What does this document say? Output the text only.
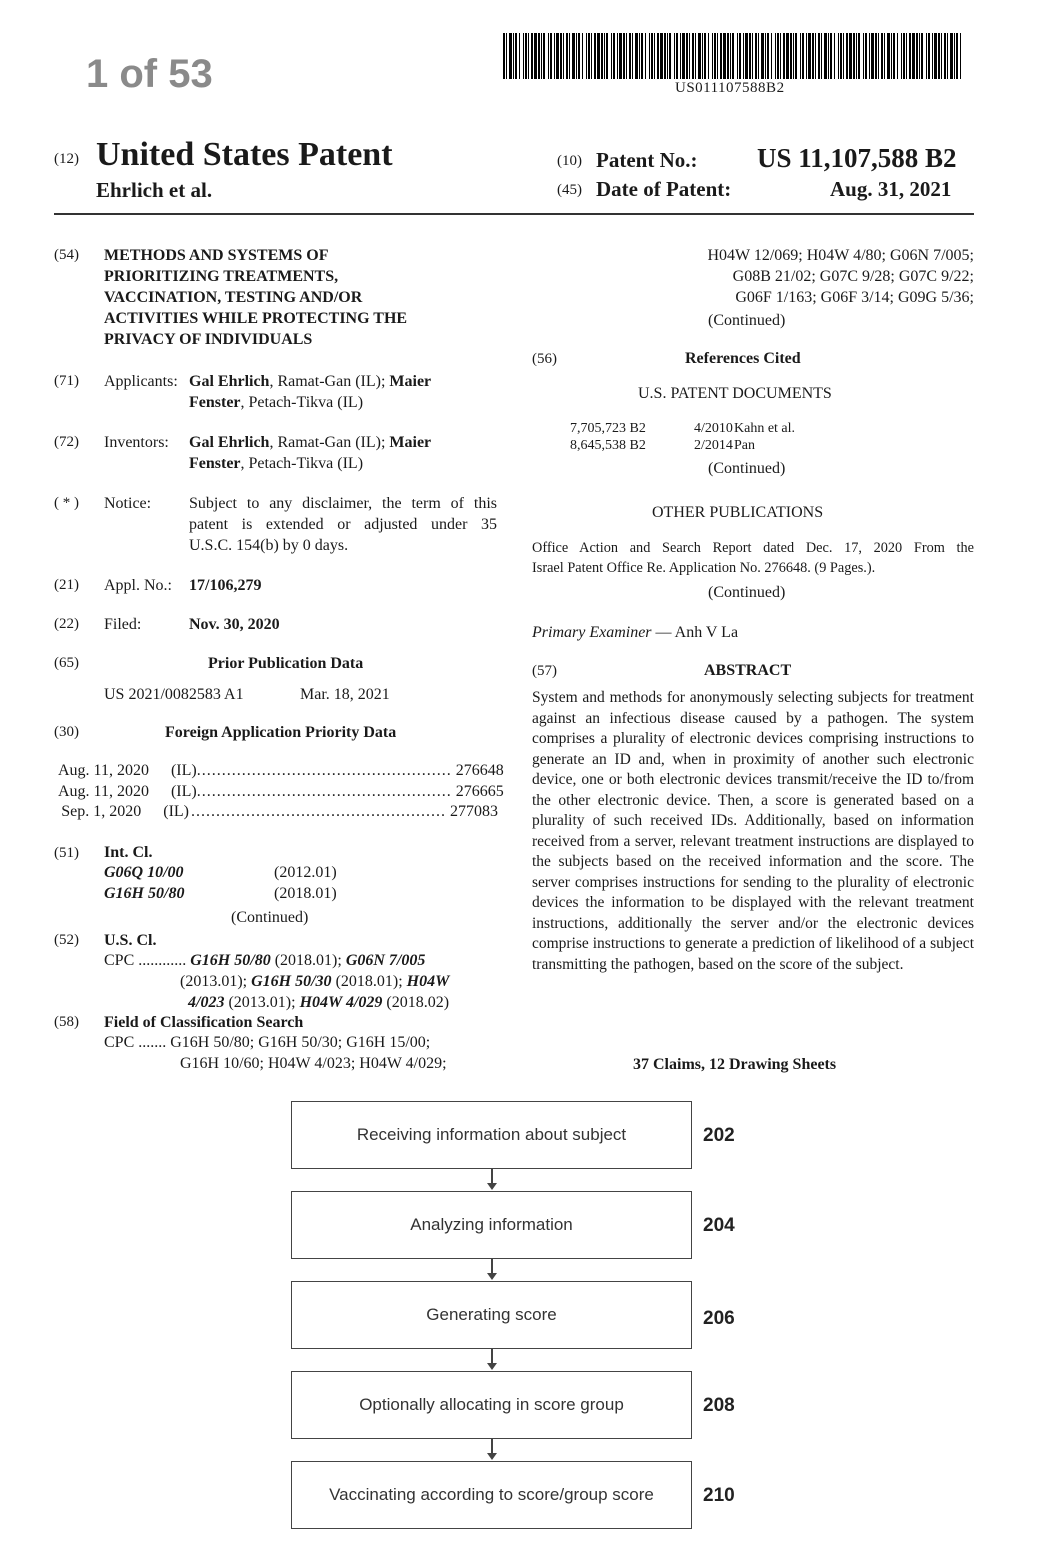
1 of 53	US011107588B2
(12) United States Patent
Ehrlich et al.
(10) Patent No.: US 11,107,588 B2
(45) Date of Patent:	Aug. 31, 2021
(54) METHODS AND SYSTEMS OF
PRIORITIZING TREATMENTS,
VACCINATION, TESTING AND/OR
ACTIVITIES WHILE PROTECTING THE
PRIVACY OF INDIVIDUALS
(71) Applicants: Gal Ehrlich, Ramat-Gan (IL); Maier
Fenster, Petach-Tikva (IL)
(72) Inventors: Gal Ehrlich, Ramat-Gan (IL); Maier
Fenster, Petach-Tikva (IL)
( * ) Notice: Subject to any disclaimer, the term of this
patent is extended or adjusted under 35
U.S.C. 154(b) by 0 days.
(21) Appl. No.: 17/106,279
(22) Filed:	Nov. 30, 2020
(65)	Prior Publication Data
US 2021/0082583 A1	Mar. 18, 2021
(30)	Foreign Application Priority Data
Aug. 11, 2020 (IL) ................................................... 276648
Aug. 11, 2020 (IL) ................................................... 276665
Sep. 1, 2020 (IL) ................................................... 277083
(51) Int. Cl.
G06Q 10/00	(2012.01)
G16H 50/80	(2018.01)
(Continued)
(52) U.S. Cl.
CPC ............ G16H 50/80 (2018.01); G06N 7/005
(2013.01); G16H 50/30 (2018.01); H04W
4/023 (2013.01); H04W 4/029 (2018.02)
(58) Field of Classification Search
CPC ....... G16H 50/80; G16H 50/30; G16H 15/00;
G16H 10/60; H04W 4/023; H04W 4/029;
H04W 12/069; H04W 4/80; G06N 7/005;
G08B 21/02; G07C 9/28; G07C 9/22;
G06F 1/163; G06F 3/14; G09G 5/36;
(Continued)
(56)	References Cited
U.S. PATENT DOCUMENTS
7,705,723 B2	4/2010Kahn et al.
8,645,538 B2	2/2014Pan
(Continued)
OTHER PUBLICATIONS
Office Action and Search Report dated Dec. 17, 2020 From the
Israel Patent Office Re. Application No. 276648. (9 Pages.).
(Continued)
Primary Examiner — Anh V La
(57)	ABSTRACT
System and methods for anonymously selecting subjects for treatment against an infectious disease caused by a pathogen. The system comprises a plurality of electronic devices comprising instructions to generate an ID and, when in proximity of another such electronic device, one or both electronic devices transmit/receive the ID to/from the other electronic device. Then, a score is generated based on a plurality of such received IDs. Additionally, based on information received from a server, relevant treatment instructions are displayed to the subjects based on the received information and the score. The server comprises instructions for sending to the plurality of electronic devices the information to be displayed with the relevant treatment instructions, additionally the server and/or the electronic devices comprise instructions to generate a prediction of likelihood of a subject transmitting the pathogen, based on the score of the subject.
37 Claims, 12 Drawing Sheets
Receiving information about subject	202
Analyzing information	204
Generating score	206
Optionally allocating in score group	208
Vaccinating according to score/group score	210
